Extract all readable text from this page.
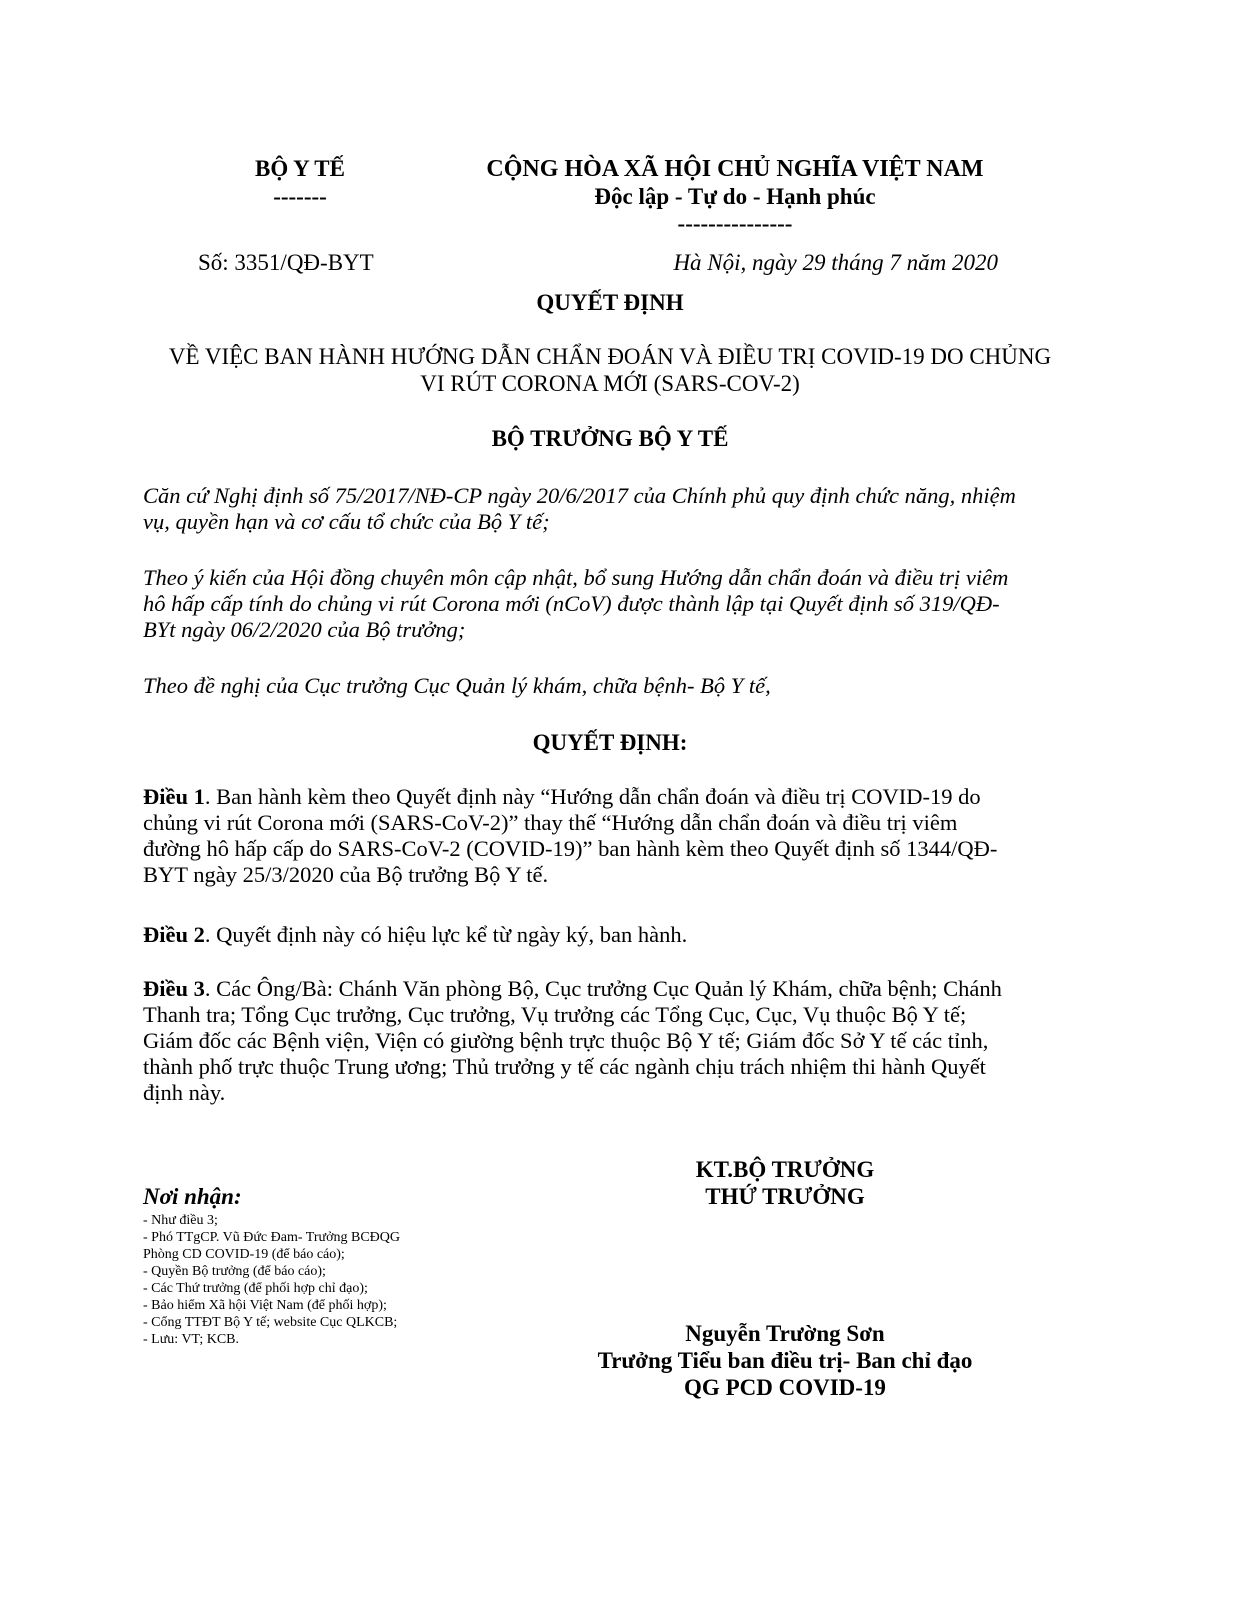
BỘ Y TẾ
-------
CỘNG HÒA XÃ HỘI CHỦ NGHĨA VIỆT NAM
Độc lập - Tự do - Hạnh phúc
---------------
Số: 3351/QĐ-BYT	Hà Nội, ngày 29 tháng 7 năm 2020
QUYẾT ĐỊNH
VỀ VIỆC BAN HÀNH HƯỚNG DẪN CHẨN ĐOÁN VÀ ĐIỀU TRỊ COVID-19 DO CHỦNG
VI RÚT CORONA MỚI (SARS-COV-2)
BỘ TRƯỞNG BỘ Y TẾ
Căn cứ Nghị định số 75/2017/NĐ-CP ngày 20/6/2017 của Chính phủ quy định chức năng, nhiệm
vụ, quyền hạn và cơ cấu tổ chức của Bộ Y tế;
Theo ý kiến của Hội đồng chuyên môn cập nhật, bổ sung Hướng dẫn chẩn đoán và điều trị viêm
hô hấp cấp tính do chủng vi rút Corona mới (nCoV) được thành lập tại Quyết định số 319/QĐ-
BYt ngày 06/2/2020 của Bộ trưởng;
Theo đề nghị của Cục trưởng Cục Quản lý khám, chữa bệnh- Bộ Y tế,
QUYẾT ĐỊNH:
Điều 1. Ban hành kèm theo Quyết định này “Hướng dẫn chẩn đoán và điều trị COVID-19 do
chủng vi rút Corona mới (SARS-CoV-2)” thay thế “Hướng dẫn chẩn đoán và điều trị viêm
đường hô hấp cấp do SARS-CoV-2 (COVID-19)” ban hành kèm theo Quyết định số 1344/QĐ-
BYT ngày 25/3/2020 của Bộ trưởng Bộ Y tế.
Điều 2. Quyết định này có hiệu lực kể từ ngày ký, ban hành.
Điều 3. Các Ông/Bà: Chánh Văn phòng Bộ, Cục trưởng Cục Quản lý Khám, chữa bệnh; Chánh
Thanh tra; Tổng Cục trưởng, Cục trưởng, Vụ trưởng các Tổng Cục, Cục, Vụ thuộc Bộ Y tế;
Giám đốc các Bệnh viện, Viện có giường bệnh trực thuộc Bộ Y tế; Giám đốc Sở Y tế các tỉnh,
thành phố trực thuộc Trung ương; Thủ trưởng y tế các ngành chịu trách nhiệm thi hành Quyết
định này.
KT.BỘ TRƯỞNG
THỨ TRƯỞNG
Nguyễn Trường Sơn
Trưởng Tiểu ban điều trị- Ban chỉ đạo
QG PCD COVID-19
Nơi nhận:
- Như điều 3;
- Phó TTgCP. Vũ Đức Đam- Trưởng BCĐQG
Phòng CD COVID-19 (để báo cáo);
- Quyền Bộ trưởng (để báo cáo);
- Các Thứ trưởng (để phối hợp chỉ đạo);
- Bảo hiểm Xã hội Việt Nam (để phối hợp);
- Cổng TTĐT Bộ Y tế; website Cục QLKCB;
- Lưu: VT; KCB.
